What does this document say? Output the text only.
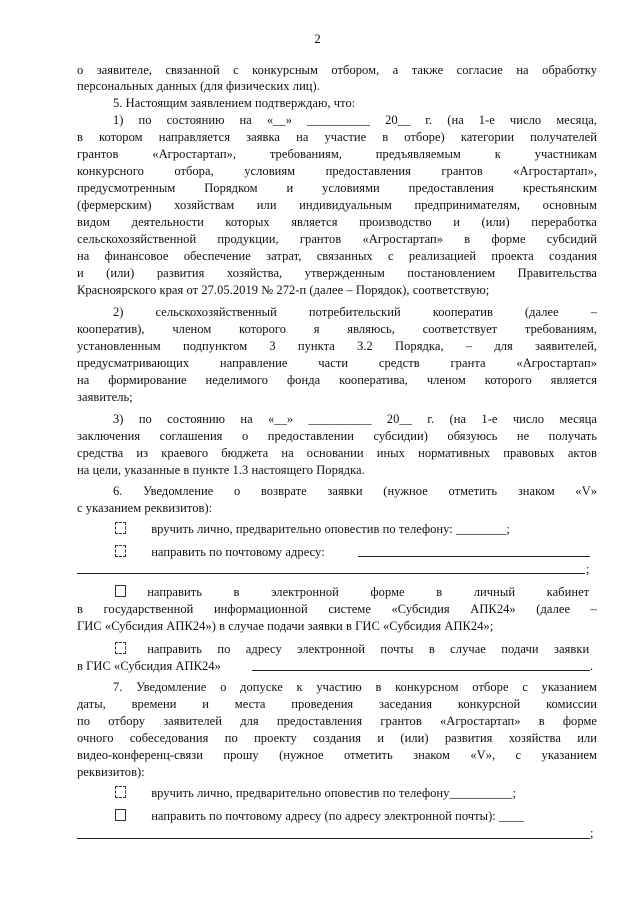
2
о заявителе, связанной с конкурсным отбором, а также согласие на обработку
персональных данных (для физических лиц).
5. Настоящим заявлением подтверждаю, что:
1) по состоянию на «__» __________ 20__ г. (на 1-е число месяца,
в котором направляется заявка на участие в отборе) категории получателей
грантов «Агростартап», требованиям, предъявляемым к участникам
конкурсного отбора, условиям предоставления грантов «Агростартап»,
предусмотренным Порядком и условиями предоставления крестьянским
(фермерским) хозяйствам или индивидуальным предпринимателям, основным
видом деятельности которых является производство и (или) переработка
сельскохозяйственной продукции, грантов «Агростартап» в форме субсидий
на финансовое обеспечение затрат, связанных с реализацией проекта создания
и (или) развития хозяйства, утвержденным постановлением Правительства
Красноярского края от 27.05.2019 № 272-п (далее – Порядок), соответствую;
2) сельскохозяйственный потребительский кооператив (далее –
кооператив), членом которого я являюсь, соответствует требованиям,
установленным подпунктом 3 пункта 3.2 Порядка, – для заявителей,
предусматривающих направление части средств гранта «Агростартап»
на формирование неделимого фонда кооператива, членом которого является
заявитель;
3) по состоянию на «__» __________ 20__ г. (на 1-е число месяца
заключения соглашения о предоставлении субсидии) обязуюсь не получать
средства из краевого бюджета на основании иных нормативных правовых актов
на цели, указанные в пункте 1.3 настоящего Порядка.
6. Уведомление о возврате заявки (нужное отметить знаком «V»
с указанием реквизитов):
вручить лично, предварительно оповестив по телефону: ________;
направить по почтовому адресу:
;
направить в электронной форме в личный кабинет
в государственной информационной системе «Субсидия АПК24» (далее –
ГИС «Субсидия АПК24») в случае подачи заявки в ГИС «Субсидия АПК24»;
направить по адресу электронной почты в случае подачи заявки
в ГИС «Субсидия АПК24»	.
7. Уведомление о допуске к участию в конкурсном отборе с указанием
даты, времени и места проведения заседания конкурсной комиссии
по отбору заявителей для предоставления грантов «Агростартап» в форме
очного собеседования по проекту создания и (или) развития хозяйства или
видео-конференц-связи прошу (нужное отметить знаком «V», с указанием
реквизитов):
вручить лично, предварительно оповестив по телефону__________;
направить по почтовому адресу (по адресу электронной почты): ____
;
